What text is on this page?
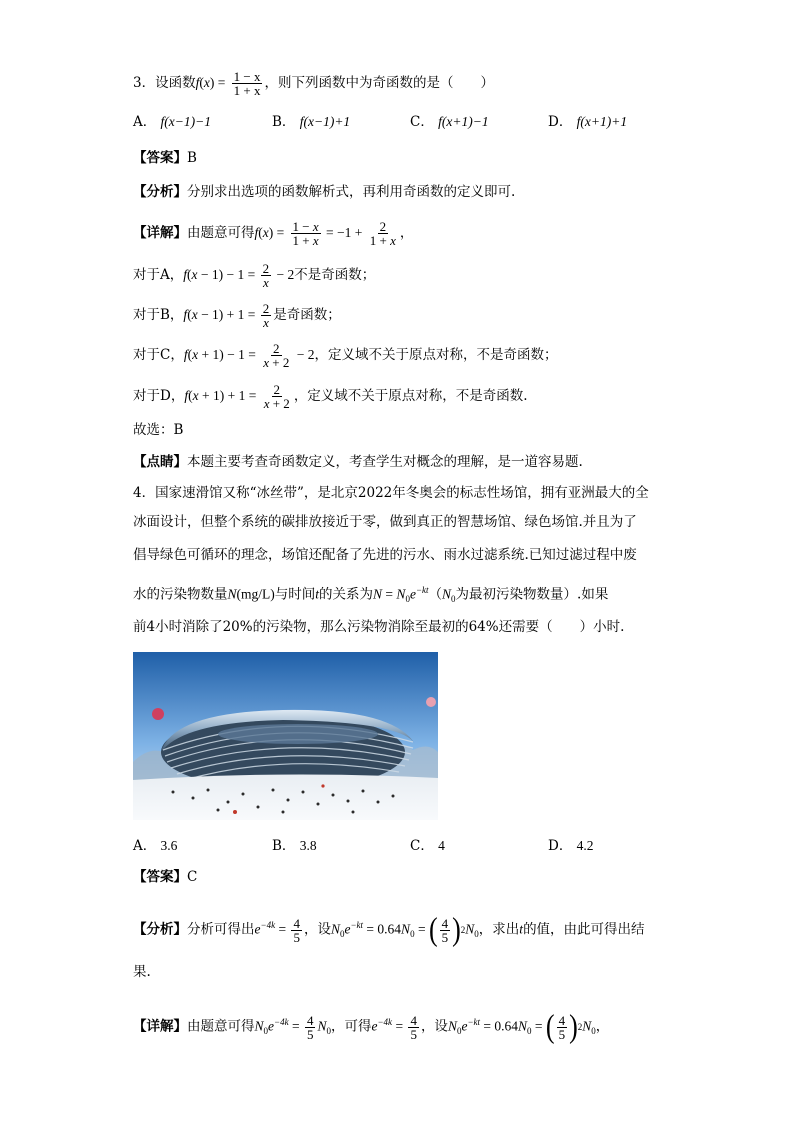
3．设函数$f(x) = \frac{1 - x}{1 + x}$ ，则下列函数中为奇函数的是（　　）
A． f(x−1)−1	B． f(x−1)+1	C． f(x+1)−1	D． f(x+1)+1
【答案】B
【分析】分别求出选项的函数解析式，再利用奇函数的定义即可.
【详解】由题意可得$f(x) = \frac{1 - x}{1 + x} = -1 + \frac{2}{1 + x}$ ，
对于A，$f(x - 1) - 1 = \frac{2}{x} - 2$不是奇函数；
对于B，$f(x - 1) + 1 = \frac{2}{x}$ 是奇函数；
对于C，$f(x + 1) - 1 = \frac{2}{x + 2} - 2$，定义域不关于原点对称，不是奇函数；
对于D，$f(x + 1) + 1 = \frac{2}{x + 2}$ ，定义域不关于原点对称，不是奇函数.
故选：B
【点睛】本题主要考查奇函数定义，考查学生对概念的理解，是一道容易题.
4．国家速滑馆又称“冰丝带”，是北京2022年冬奥会的标志性场馆，拥有亚洲最大的全
冰面设计，但整个系统的碳排放接近于零，做到真正的智慧场馆、绿色场馆.并且为了
倡导绿色可循环的理念，场馆还配备了先进的污水、雨水过滤系统.已知过滤过程中废
水的污染物数量N(mg/L)与时间t的关系为$N = N_0e^{-kt}(N_0$为最初污染物数量）.如果
前4小时消除了20%的污染物，那么污染物消除至最初的64%还需要（　　）小时.
A． 3.6	B． 3.8	C． 4	D． 4.2
【答案】C
【分析】分析可得出$e^{-4k} = \frac{4}{5}$ ，设$N_0e^{-kt} = 0.64N_0$ = ( $\frac{4}{5}$ ) 2 $N_0$，求出t的值，由此可得出结
果.
【详解】由题意可得$N_0e^{-4k} = \frac{4}{5} N_0$，可得$e^{-4k} = \frac{4}{5}$ ，设$N_0e^{-kt} = 0.64N_0$ = ( $\frac{4}{5}$ ) 2 $N_0$，
